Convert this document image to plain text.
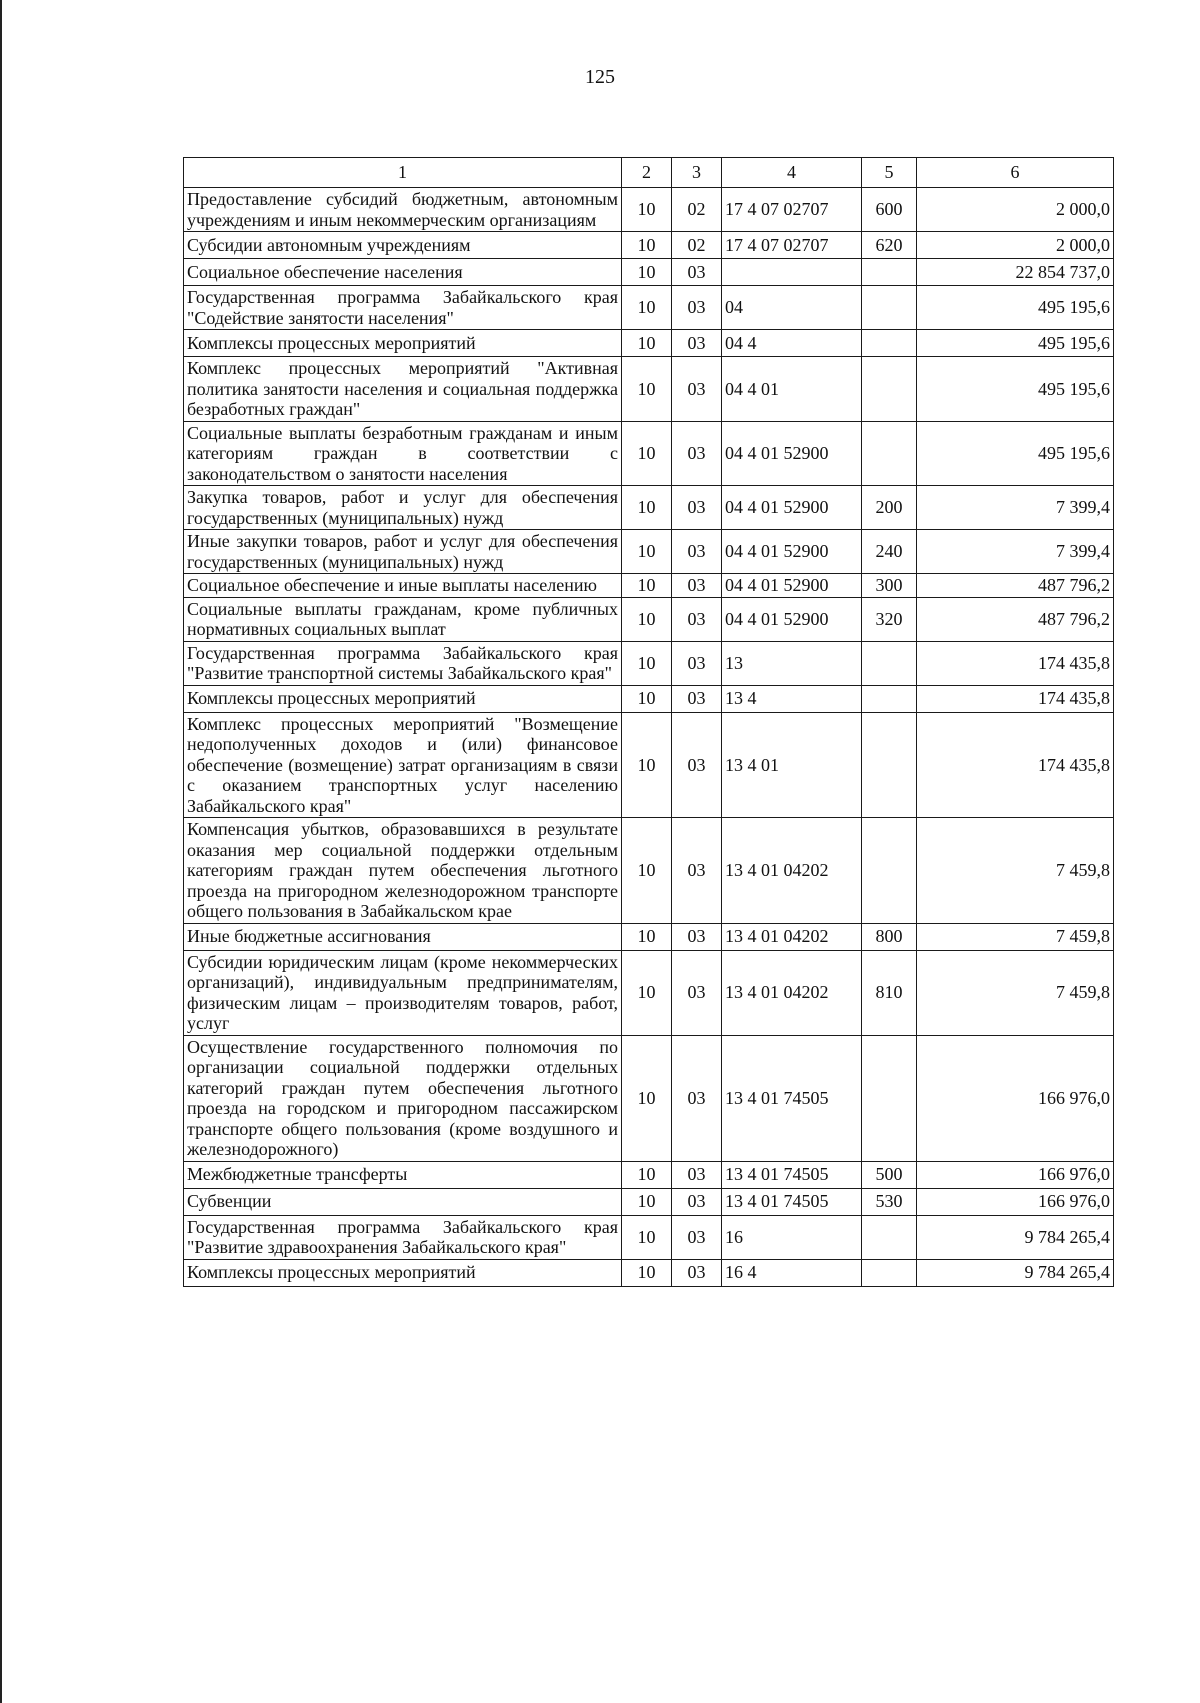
125
1	2	3	4	5	6
Предоставление субсидий бюджетным, автономным учреждениям и иным некоммерческим организациям	10	02	17 4 07 02707	600	2 000,0
Субсидии автономным учреждениям	10	02	17 4 07 02707	620	2 000,0
Социальное обеспечение населения	10	03			22 854 737,0
Государственная программа Забайкальского края "Содействие занятости населения"	10	03	04		495 195,6
Комплексы процессных мероприятий	10	03	04 4		495 195,6
Комплекс процессных мероприятий "Активная политика занятости населения и социальная поддержка безработных граждан"	10	03	04 4 01		495 195,6
Социальные выплаты безработным гражданам и иным категориям граждан в соответствии с законодательством о занятости населения	10	03	04 4 01 52900		495 195,6
Закупка товаров, работ и услуг для обеспечения государственных (муниципальных) нужд	10	03	04 4 01 52900	200	7 399,4
Иные закупки товаров, работ и услуг для обеспечения государственных (муниципальных) нужд	10	03	04 4 01 52900	240	7 399,4
Социальное обеспечение и иные выплаты населению	10	03	04 4 01 52900	300	487 796,2
Социальные выплаты гражданам, кроме публичных нормативных социальных выплат	10	03	04 4 01 52900	320	487 796,2
Государственная программа Забайкальского края "Развитие транспортной системы Забайкальского края"	10	03	13		174 435,8
Комплексы процессных мероприятий	10	03	13 4		174 435,8
Комплекс процессных мероприятий "Возмещение недополученных доходов и (или) финансовое обеспечение (возмещение) затрат организациям в связи с оказанием транспортных услуг населению Забайкальского края"	10	03	13 4 01		174 435,8
Компенсация убытков, образовавшихся в результате оказания мер социальной поддержки отдельным категориям граждан путем обеспечения льготного проезда на пригородном железнодорожном транспорте общего пользования в Забайкальском крае	10	03	13 4 01 04202		7 459,8
Иные бюджетные ассигнования	10	03	13 4 01 04202	800	7 459,8
Субсидии юридическим лицам (кроме некоммерческих организаций), индивидуальным предпринимателям, физическим лицам – производителям товаров, работ, услуг	10	03	13 4 01 04202	810	7 459,8
Осуществление государственного полномочия по организации социальной поддержки отдельных категорий граждан путем обеспечения льготного проезда на городском и пригородном пассажирском транспорте общего пользования (кроме воздушного и железнодорожного)	10	03	13 4 01 74505		166 976,0
Межбюджетные трансферты	10	03	13 4 01 74505	500	166 976,0
Субвенции	10	03	13 4 01 74505	530	166 976,0
Государственная программа Забайкальского края "Развитие здравоохранения Забайкальского края"	10	03	16		9 784 265,4
Комплексы процессных мероприятий	10	03	16 4		9 784 265,4
